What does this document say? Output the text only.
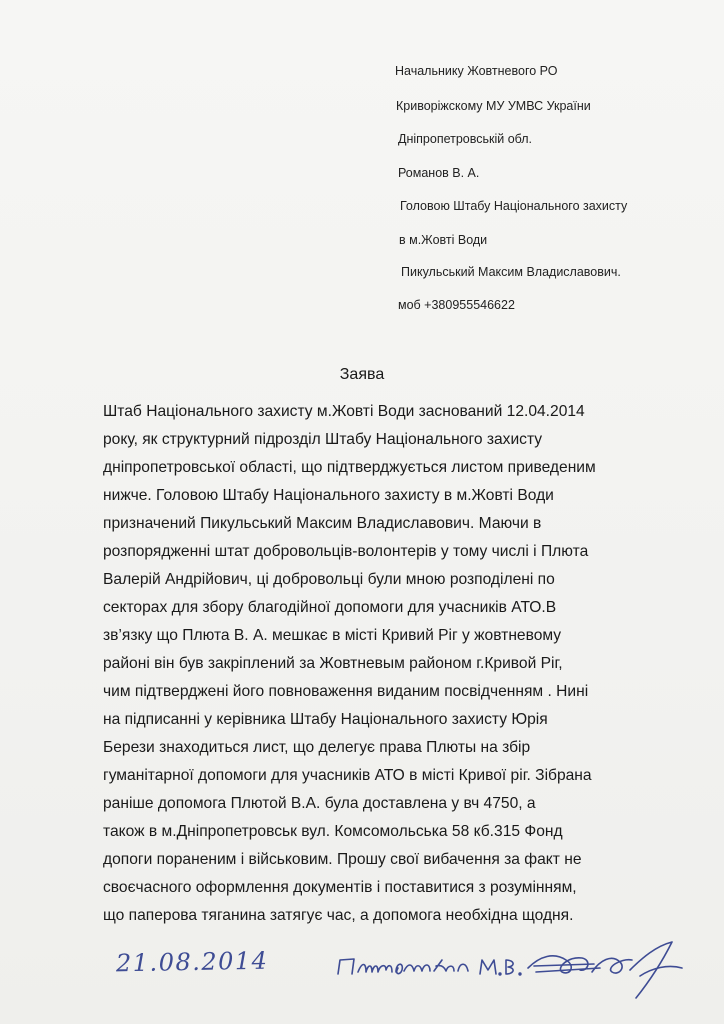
Начальнику Жовтневого РО
Криворіжскому МУ УМВС України
Дніпропетровській обл.
Романов В. А.
Головою Штабу Національного захисту
в м.Жовті Води
Пикульський Максим Владиславович.
моб +380955546622
Заява
Штаб Національного захисту м.Жовті Води заснований 12.04.2014
року, як структурний підрозділ Штабу Національного захисту
дніпропетровської області, що підтверджується листом приведеним
нижче. Головою Штабу Національного захисту в м.Жовті Води
призначений Пикульський Максим Владиславович. Маючи в
розпорядженні штат добровольців-волонтерів у тому числі і Плюта
Валерій Андрійович, ці добровольці були мною розподілені по
секторах для збору благодійної допомоги для учасників АТО.В
зв’язку що Плюта В. А. мешкає в місті Кривий Ріг у жовтневому
районі він був закріплений за Жовтневым районом г.Кривой Ріг,
чим підтверджені його повноваження виданим посвідченням . Нині
на підписанні у керівника Штабу Національного захисту Юрія
Берези знаходиться лист, що делегує права Плюты на збір
гуманітарної допомоги для учасників АТО в місті Кривої ріг. Зібрана
раніше допомога Плютой В.А. була доставлена у вч 4750, а
також в м.Дніпропетровськ вул. Комсомольська 58 кб.315 Фонд
допоги пораненим і військовим. Прошу свої вибачення за факт не
своєчасного оформлення документів і поставитися з розумінням,
що паперова тяганина затягує час, а допомога необхідна щодня.
21.08.2014
